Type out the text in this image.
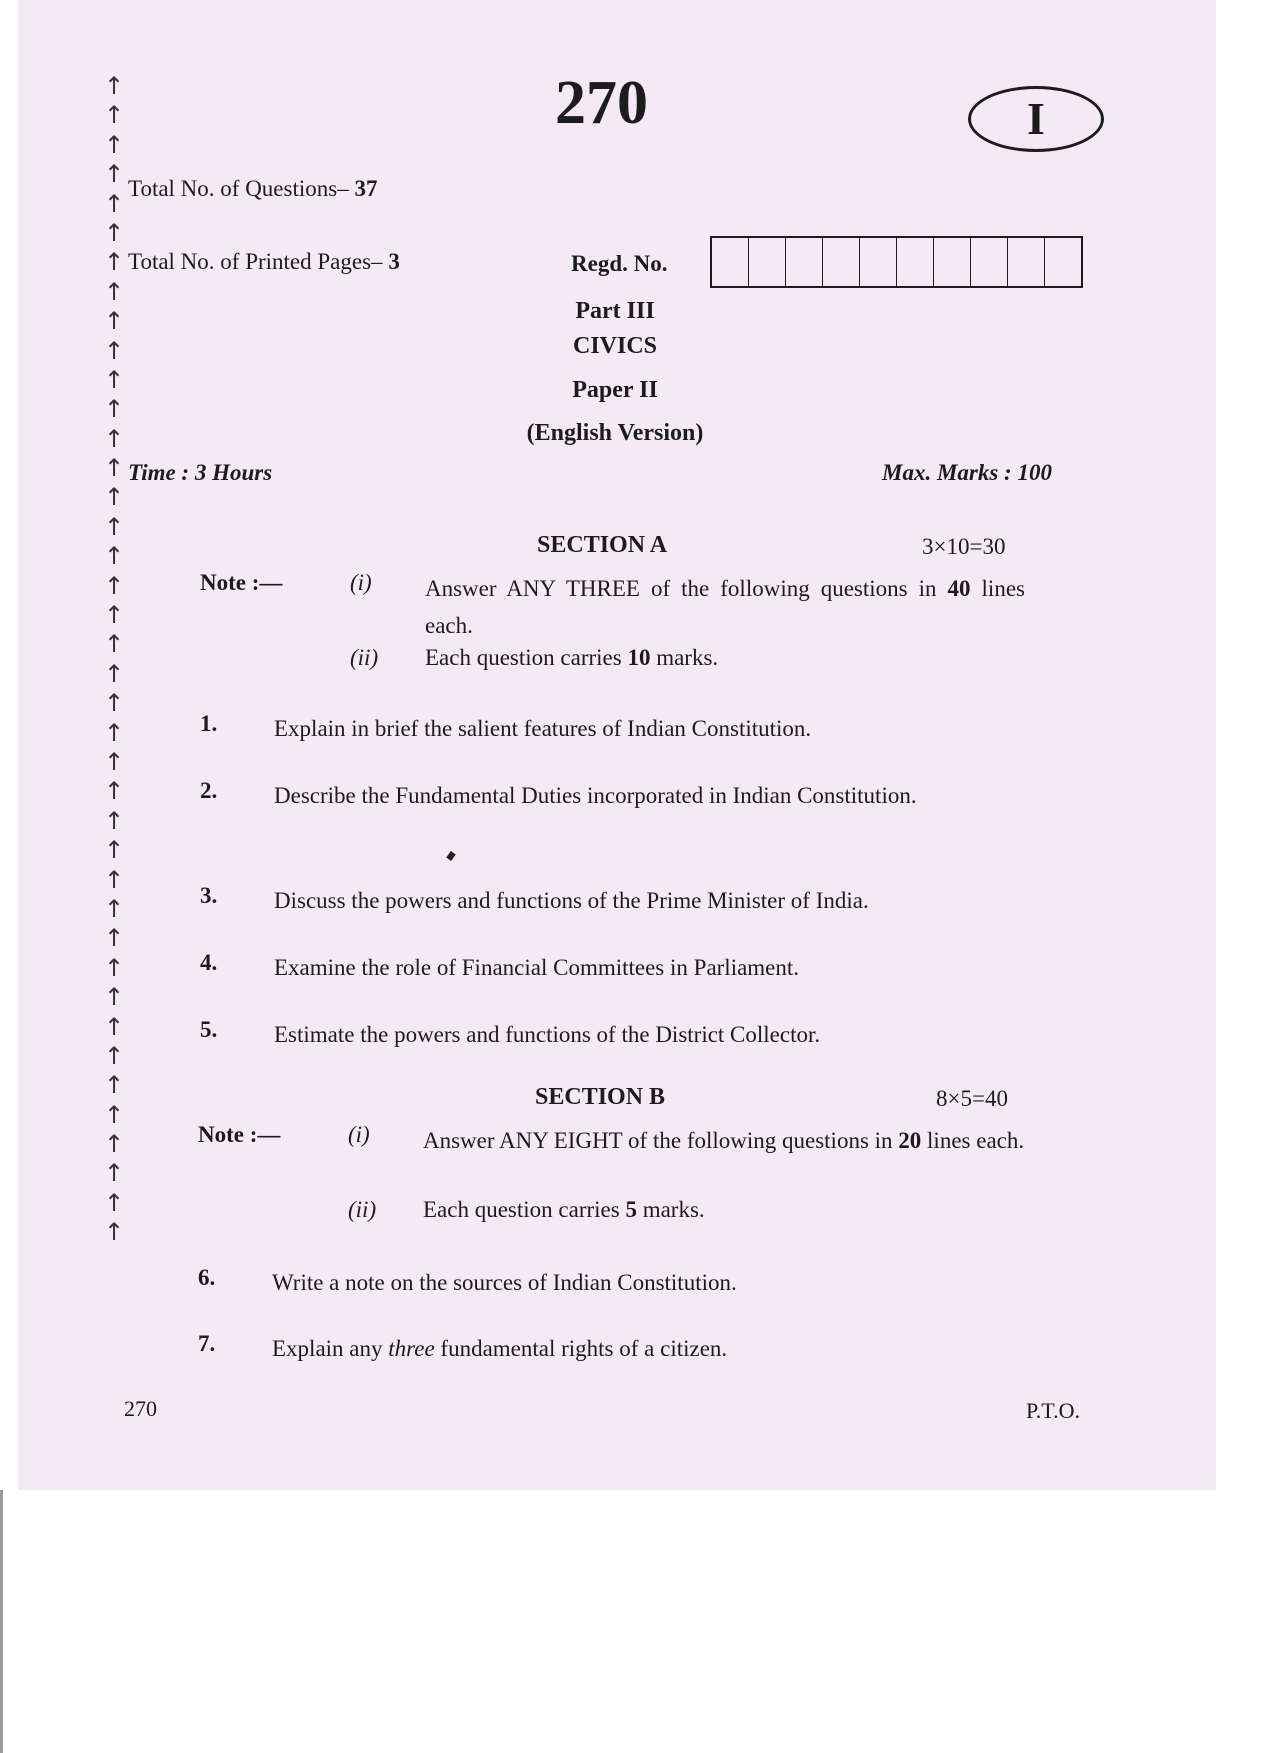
↑
↑
↑
↑
↑
↑
↑
↑
↑
↑
↑
↑
↑
↑
↑
↑
↑
↑
↑
↑
↑
↑
↑
↑
↑
↑
↑
↑
↑
↑
↑
↑
↑
↑
↑
↑
↑
↑
↑
↑
270	I
Total No. of Questions– 37
Total No. of Printed Pages– 3	Regd. No.
Part III
CIVICS
Paper II
(English Version)
Time : 3 Hours	Max. Marks : 100
SECTION A	3×10=30
Note :—	(i) Answer ANY THREE of the following questions in 40 lines each.
(ii) Each question carries 10 marks.
1. Explain in brief the salient features of Indian Constitution.
2. Describe the Fundamental Duties incorporated in Indian Constitution.
3. Discuss the powers and functions of the Prime Minister of India.
4. Examine the role of Financial Committees in Parliament.
5. Estimate the powers and functions of the District Collector.
SECTION B	8×5=40
Note :—	(i) Answer ANY EIGHT of the following questions in 20 lines each.
(ii) Each question carries 5 marks.
6. Write a note on the sources of Indian Constitution.
7. Explain any three fundamental rights of a citizen.
270	P.T.O.
